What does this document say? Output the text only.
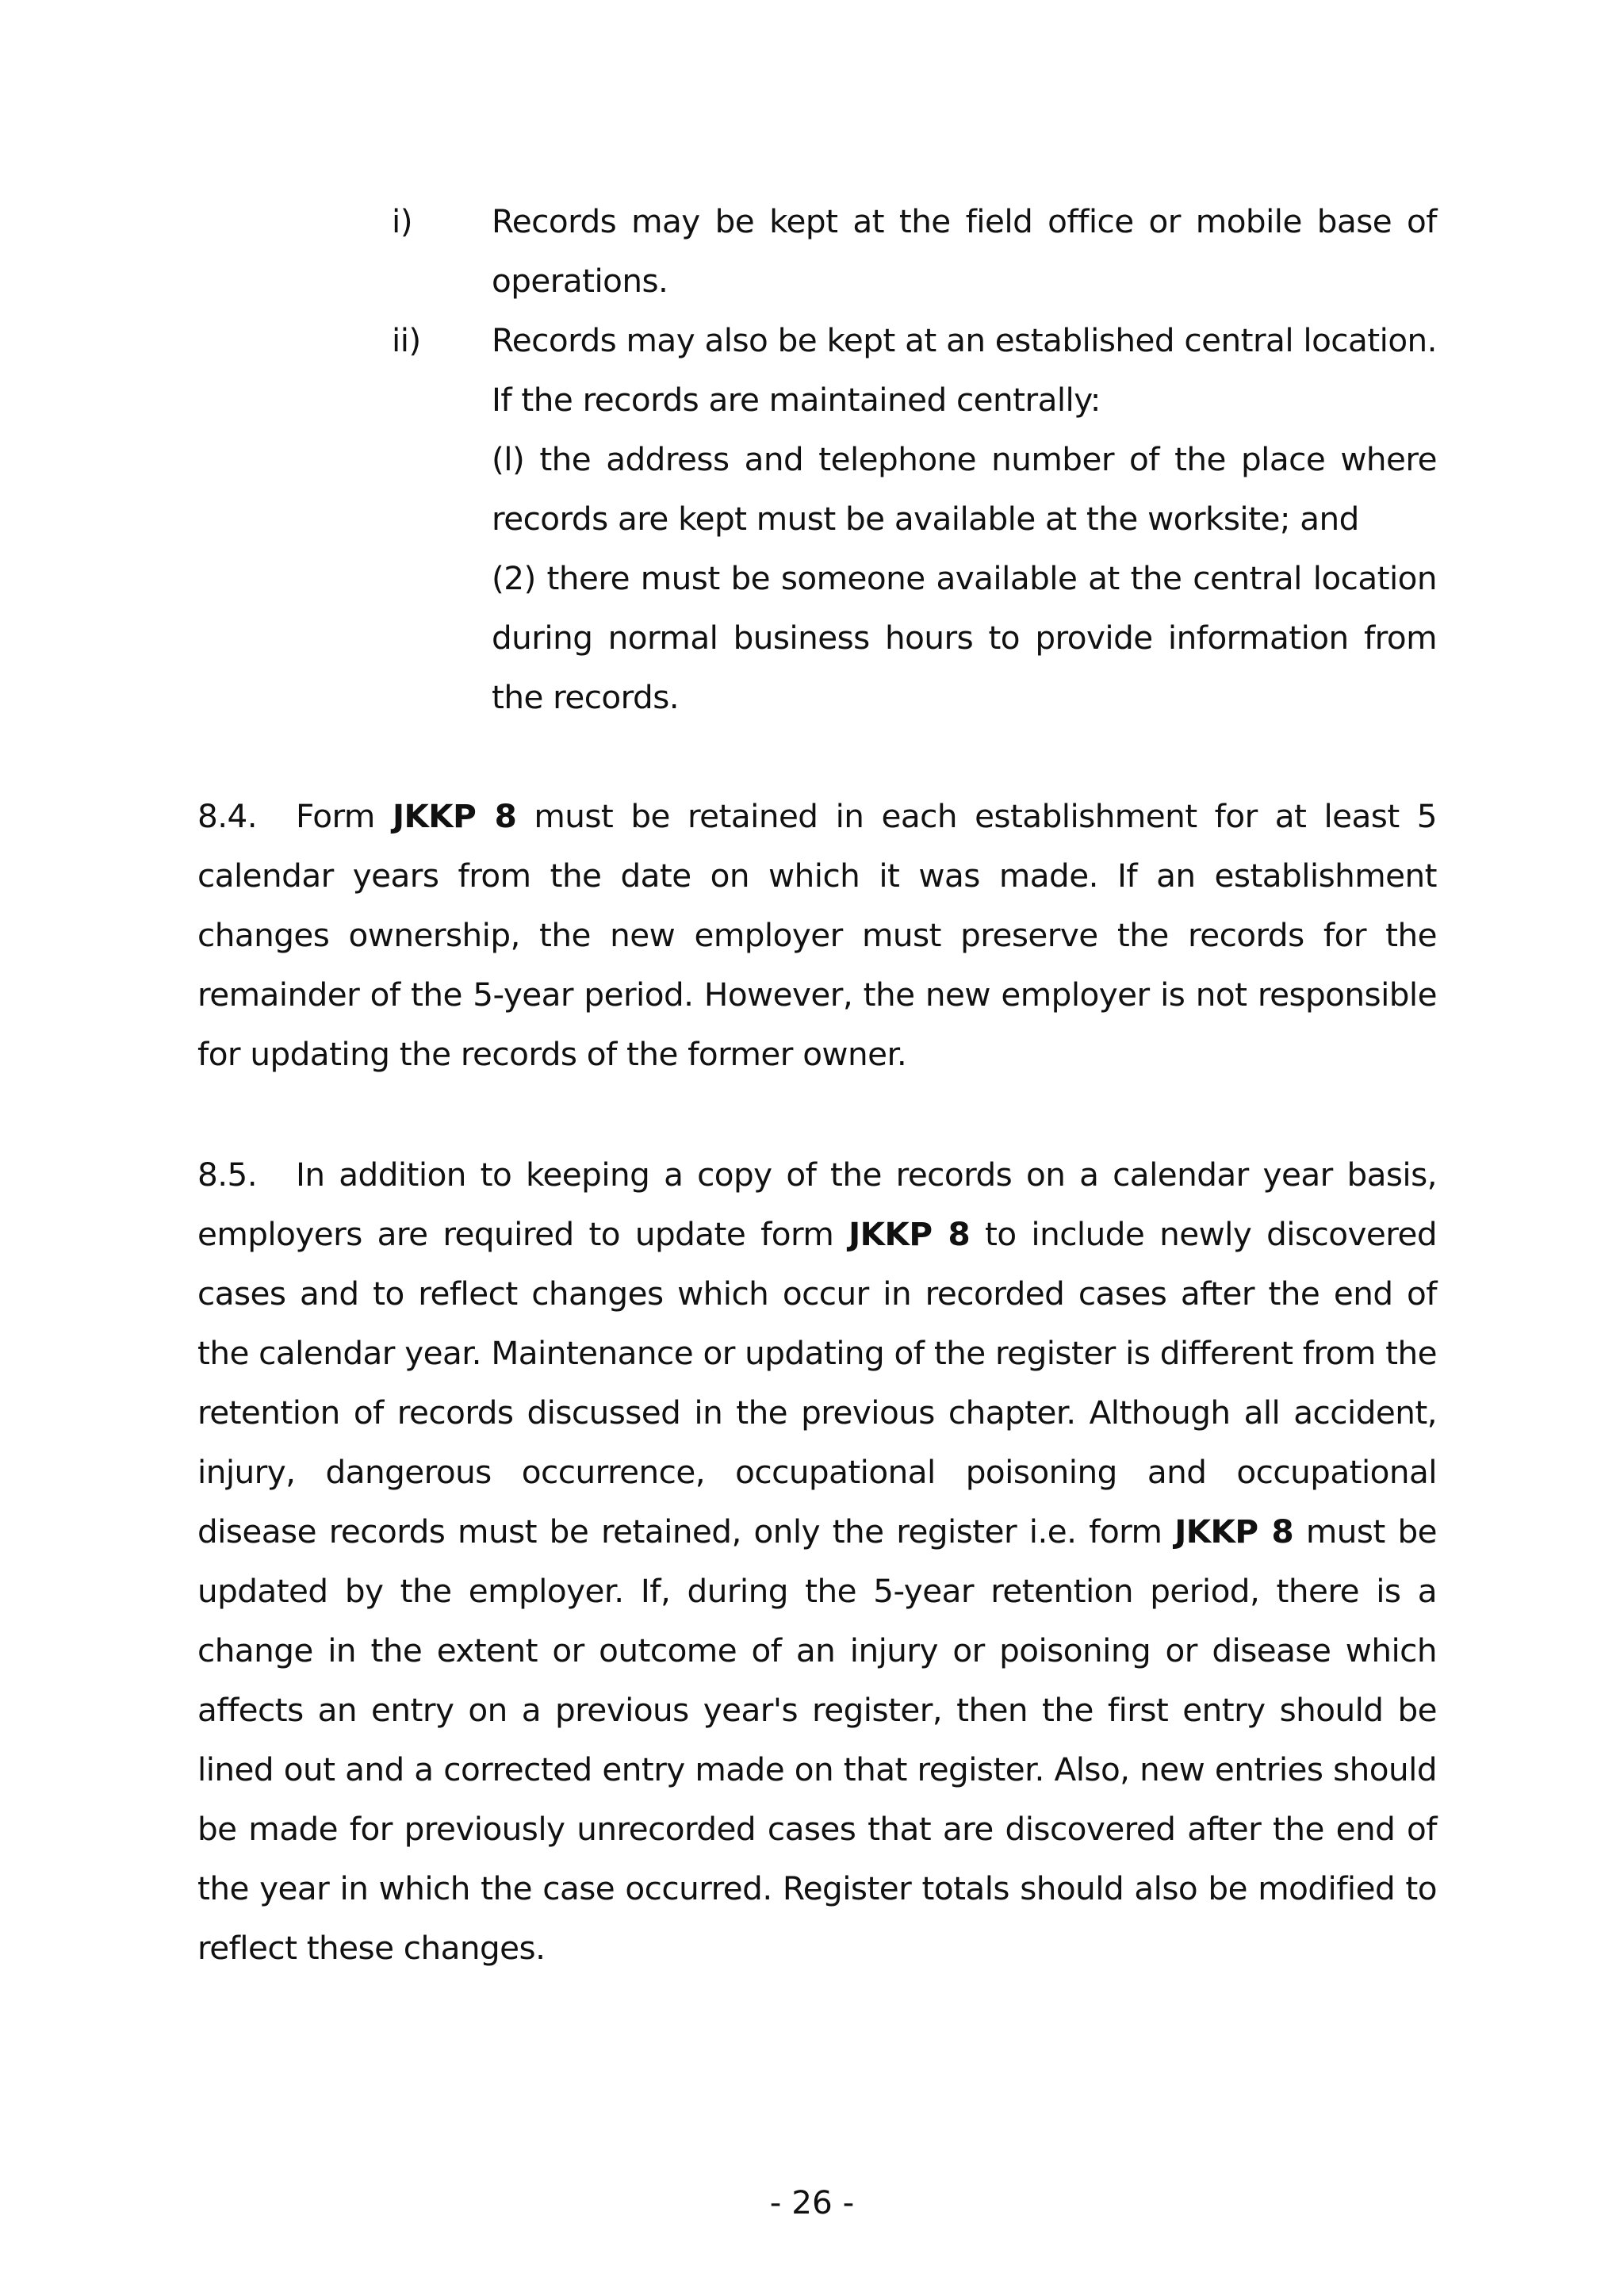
i) Records may be kept at the field office or mobile base of operations.
ii) Records may also be kept at an established central location. If the records are maintained centrally:
(l) the address and telephone number of the place where records are kept must be available at the worksite; and
(2) there must be someone available at the central location during normal business hours to provide information from the records.

8.4. Form JKKP 8 must be retained in each establishment for at least 5 calendar years from the date on which it was made. If an establishment changes ownership, the new employer must preserve the records for the remainder of the 5-year period. However, the new employer is not responsible for updating the records of the former owner.

8.5. In addition to keeping a copy of the records on a calendar year basis, employers are required to update form JKKP 8 to include newly discovered cases and to reflect changes which occur in recorded cases after the end of the calendar year. Maintenance or updating of the register is different from the retention of records discussed in the previous chapter. Although all accident, injury, dangerous occurrence, occupational poisoning and occupational disease records must be retained, only the register i.e. form JKKP 8 must be updated by the employer. If, during the 5-year retention period, there is a change in the extent or outcome of an injury or poisoning or disease which affects an entry on a previous year's register, then the first entry should be lined out and a corrected entry made on that register. Also, new entries should be made for previously unrecorded cases that are discovered after the end of the year in which the case occurred. Register totals should also be modified to reflect these changes.

- 26 -
